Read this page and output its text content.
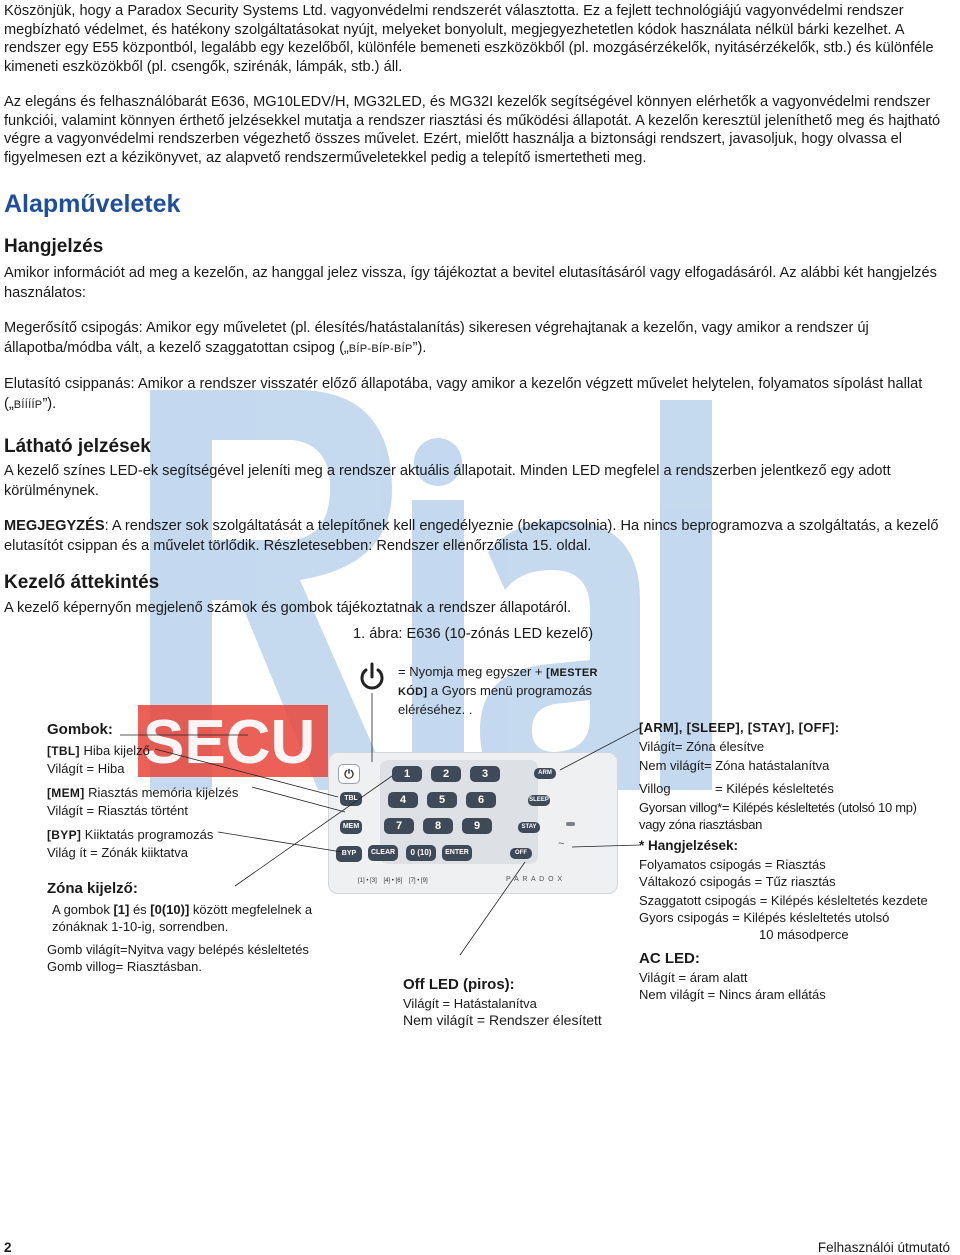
SECU

Köszönjük, hogy a Paradox Security Systems Ltd. vagyonvédelmi rendszerét választotta. Ez a fejlett technológiájú vagyonvédelmi rendszer megbízható védelmet, és hatékony szolgáltatásokat nyújt, melyeket bonyolult, megjegyezhetetlen kódok használata nélkül bárki kezelhet. A rendszer egy E55 központból, legalább egy kezelőből, különféle bemeneti eszközökből (pl. mozgásérzékelők, nyitásérzékelők, stb.) és különféle kimeneti eszközökből (pl. csengők, szirénák, lámpák, stb.) áll.

Az elegáns és felhasználóbarát E636, MG10LEDV/H, MG32LED, és MG32I kezelők segítségével könnyen elérhetők a vagyonvédelmi rendszer funkciói, valamint könnyen érthető jelzésekkel mutatja a rendszer riasztási és működési állapotát. A kezelőn keresztül jeleníthető meg és hajtható végre a vagyonvédelmi rendszerben végezhető összes művelet. Ezért, mielőtt használja a biztonsági rendszert, javasoljuk, hogy olvassa el figyelmesen ezt a kézikönyvet, az alapvető rendszerműveletekkel pedig a telepítő ismertetheti meg.

Alapműveletek
Hangjelzés

Amikor információt ad meg a kezelőn, az hanggal jelez vissza, így tájékoztat a bevitel elutasításáról vagy elfogadásáról. Az alábbi két hangjelzés használatos:

Megerősítő csipogás: Amikor egy műveletet (pl. élesítés/hatástalanítás) sikeresen végrehajtanak a kezelőn, vagy amikor a rendszer új állapotba/módba vált, a kezelő szaggatottan csipog („BÍP-BÍP-BÍP”).

Elutasító csippanás: Amikor a rendszer visszatér előző állapotába, vagy amikor a kezelőn végzett művelet helytelen, folyamatos sípolást hallat („BÍÍÍÍP”).

Látható jelzések

A kezelő színes LED-ek segítségével jeleníti meg a rendszer aktuális állapotait. Minden LED megfelel a rendszerben jelentkező egy adott körülménynek.

MEGJEGYZÉS: A rendszer sok szolgáltatását a telepítőnek kell engedélyeznie (bekapcsolnia). Ha nincs beprogramozva a szolgáltatás, a kezelő elutasítót csippan és a művelet törlődik. Részletesebben: Rendszer ellenőrzőlista 15. oldal.

Kezelő áttekintés

A kezelő képernyőn megjelenő számok és gombok tájékoztatnak a rendszer állapotáról.

1. ábra: E636 (10-zónás LED kezelő)
= Nyomja meg egyszer + [MESTER KÓD] a Gyors menü programozás eléréséhez. .
⏻
TBL
MEM
BYP
1	2	3
4	5	6
7	8	9
CLEAR	0 (10)	ENTER
ARM
SLEEP
STAY
OFF
~
[1] • [3] [4] • [6] [7] • [9]	P A R A D O X
Gombok:
[TBL] Hiba kijelző
Világít = Hiba
[MEM] Riasztás memória kijelzés
Világít = Riasztás történt
[BYP] Kiiktatás programozás
Világ ít = Zónák kiiktatva
Zóna kijelző:
A gombok [1] és [0(10)] között megfelelnek a zónáknak 1-10-ig, sorrendben.
Gomb világít=Nyitva vagy belépés késleltetés
Gomb villog= Riasztásban.
Off LED (piros):
Világít = Hatástalanítva
Nem világít = Rendszer élesített
[ARM], [SLEEP], [STAY], [OFF]:
Világít= Zóna élesítve
Nem világít= Zóna hatástalanítva
Villog	= Kilépés késleltetés
Gyorsan villog*= Kilépés késleltetés (utolsó 10 mp) vagy zóna riasztásban
* Hangjelzések:
Folyamatos csipogás = Riasztás
Váltakozó csipogás = Tűz riasztás
Szaggatott csipogás = Kilépés késleltetés kezdete
Gyors csipogás = Kilépés késleltetés utolsó
10 másodperce
AC LED:
Világít = áram alatt
Nem világít = Nincs áram ellátás
2	Felhasználói útmutató
